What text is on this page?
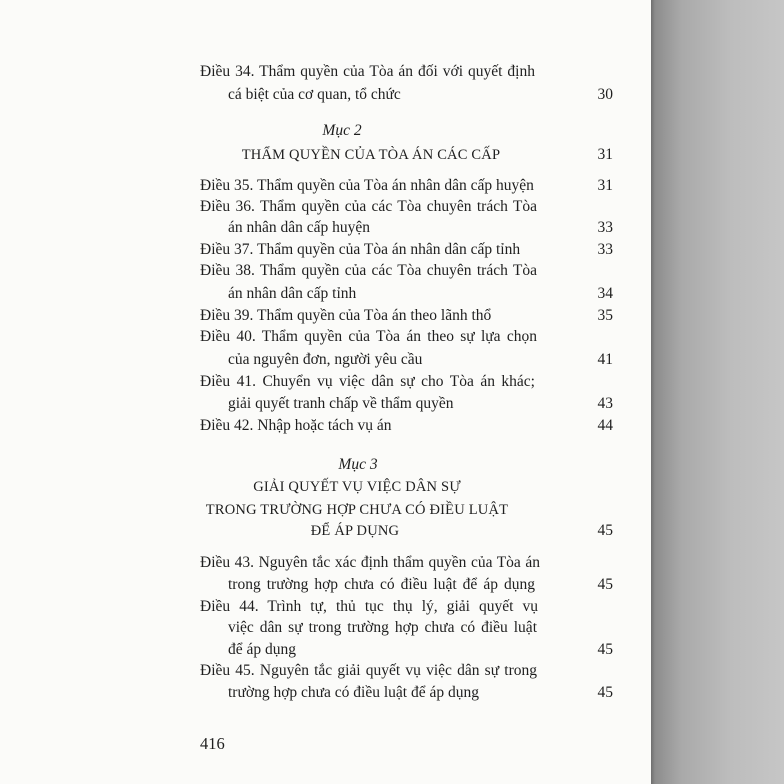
Điều 34. Thẩm quyền của Tòa án đối với quyết định
cá biệt của cơ quan, tổ chức	30
Mục 2
THẨM QUYỀN CỦA TÒA ÁN CÁC CẤP	31
Điều 35. Thẩm quyền của Tòa án nhân dân cấp huyện	31
Điều 36. Thẩm quyền của các Tòa chuyên trách Tòa
án nhân dân cấp huyện	33
Điều 37. Thẩm quyền của Tòa án nhân dân cấp tỉnh	33
Điều 38. Thẩm quyền của các Tòa chuyên trách Tòa
án nhân dân cấp tỉnh	34
Điều 39. Thẩm quyền của Tòa án theo lãnh thổ	35
Điều 40. Thẩm quyền của Tòa án theo sự lựa chọn
của nguyên đơn, người yêu cầu	41
Điều 41. Chuyển vụ việc dân sự cho Tòa án khác;
giải quyết tranh chấp về thẩm quyền	43
Điều 42. Nhập hoặc tách vụ án	44
Mục 3
GIẢI QUYẾT VỤ VIỆC DÂN SỰ
TRONG TRƯỜNG HỢP CHƯA CÓ ĐIỀU LUẬT
ĐỂ ÁP DỤNG	45
Điều 43. Nguyên tắc xác định thẩm quyền của Tòa án
trong trường hợp chưa có điều luật để áp dụng	45
Điều 44. Trình tự, thủ tục thụ lý, giải quyết vụ
việc dân sự trong trường hợp chưa có điều luật
để áp dụng	45
Điều 45. Nguyên tắc giải quyết vụ việc dân sự trong
trường hợp chưa có điều luật để áp dụng	45
416
